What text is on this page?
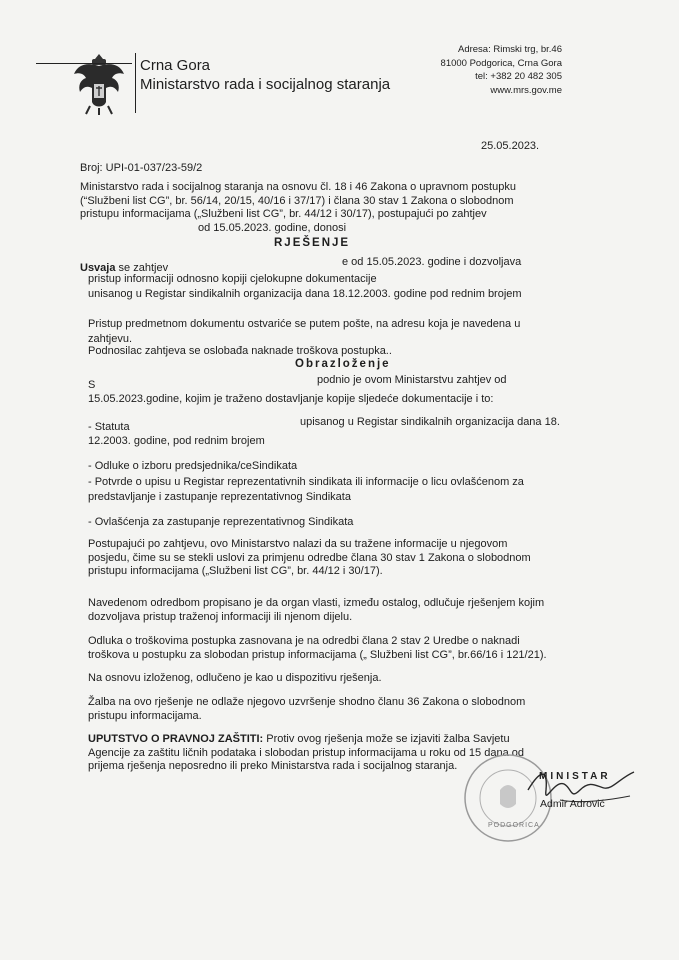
Crna Gora
Ministarstvo rada i socijalnog staranja
Adresa: Rimski trg, br.46
81000 Podgorica, Crna Gora
tel: +382 20 482 305
www.mrs.gov.me
25.05.2023.
Broj: UPI-01-037/23-59/2
Ministarstvo rada i socijalnog staranja na osnovu čl. 18 i 46 Zakona o upravnom postupku
(“Službeni list CG”, br. 56/14, 20/15, 40/16 i 37/17) i člana 30 stav 1 Zakona o slobodnom
pristupu informacijama („Službeni list CG”, br. 44/12 i 30/17), postupajući po zahtjev
od 15.05.2023. godine, donosi
RJEŠENJE
Usvaja se zahtjev	e od 15.05.2023. godine i dozvoljava
pristup informaciji odnosno kopiji cjelokupne dokumentacije
unisanog u Registar sindikalnih organizacija dana 18.12.2003. godine pod rednim brojem
Pristup predmetnom dokumentu ostvariće se putem pošte, na adresu koja je navedena u
zahtjevu.
Podnosilac zahtjeva se oslobađa naknade troškova postupka..
Obrazloženje
S	podnio je ovom Ministarstvu zahtjev od
15.05.2023.godine, kojim je traženo dostavljanje kopije sljedeće dokumentacije i to:
- Statuta	upisanog u Registar sindikalnih organizacija dana 18.
12.2003. godine, pod rednim brojem
- Odluke o izboru predsjednika/ceSindikata
- Potvrde o upisu u Registar reprezentativnih sindikata ili informacije o licu ovlašćenom za
predstavljanje i zastupanje reprezentativnog Sindikata
- Ovlašćenja za zastupanje reprezentativnog Sindikata
Postupajući po zahtjevu, ovo Ministarstvo nalazi da su tražene informacije u njegovom
posjedu, čime su se stekli uslovi za primjenu odredbe člana 30 stav 1 Zakona o slobodnom
pristupu informacijama („Službeni list CG”, br. 44/12 i 30/17).
Navedenom odredbom propisano je da organ vlasti, između ostalog, odlučuje rješenjem kojim
dozvoljava pristup traženoj informaciji ili njenom dijelu.
Odluka o troškovima postupka zasnovana je na odredbi člana 2 stav 2 Uredbe o naknadi
troškova u postupku za slobodan pristup informacijama („ Službeni list CG”, br.66/16 i 121/21).
Na osnovu izloženog, odlučeno je kao u dispozitivu rješenja.
Žalba na ovo rješenje ne odlaže njegovo uzvršenje shodno članu 36 Zakona o slobodnom
pristupu informacijama.
UPUTSTVO O PRAVNOJ ZAŠTITI: Protiv ovog rješenja može se izjaviti žalba Savjetu
Agencije za zaštitu ličnih podataka i slobodan pristup informacijama u roku od 15 dana od
prijema rješenja neposredno ili preko Ministarstva rada i socijalnog staranja.
PODGORICA
MINISTAR
Admir Adrović
